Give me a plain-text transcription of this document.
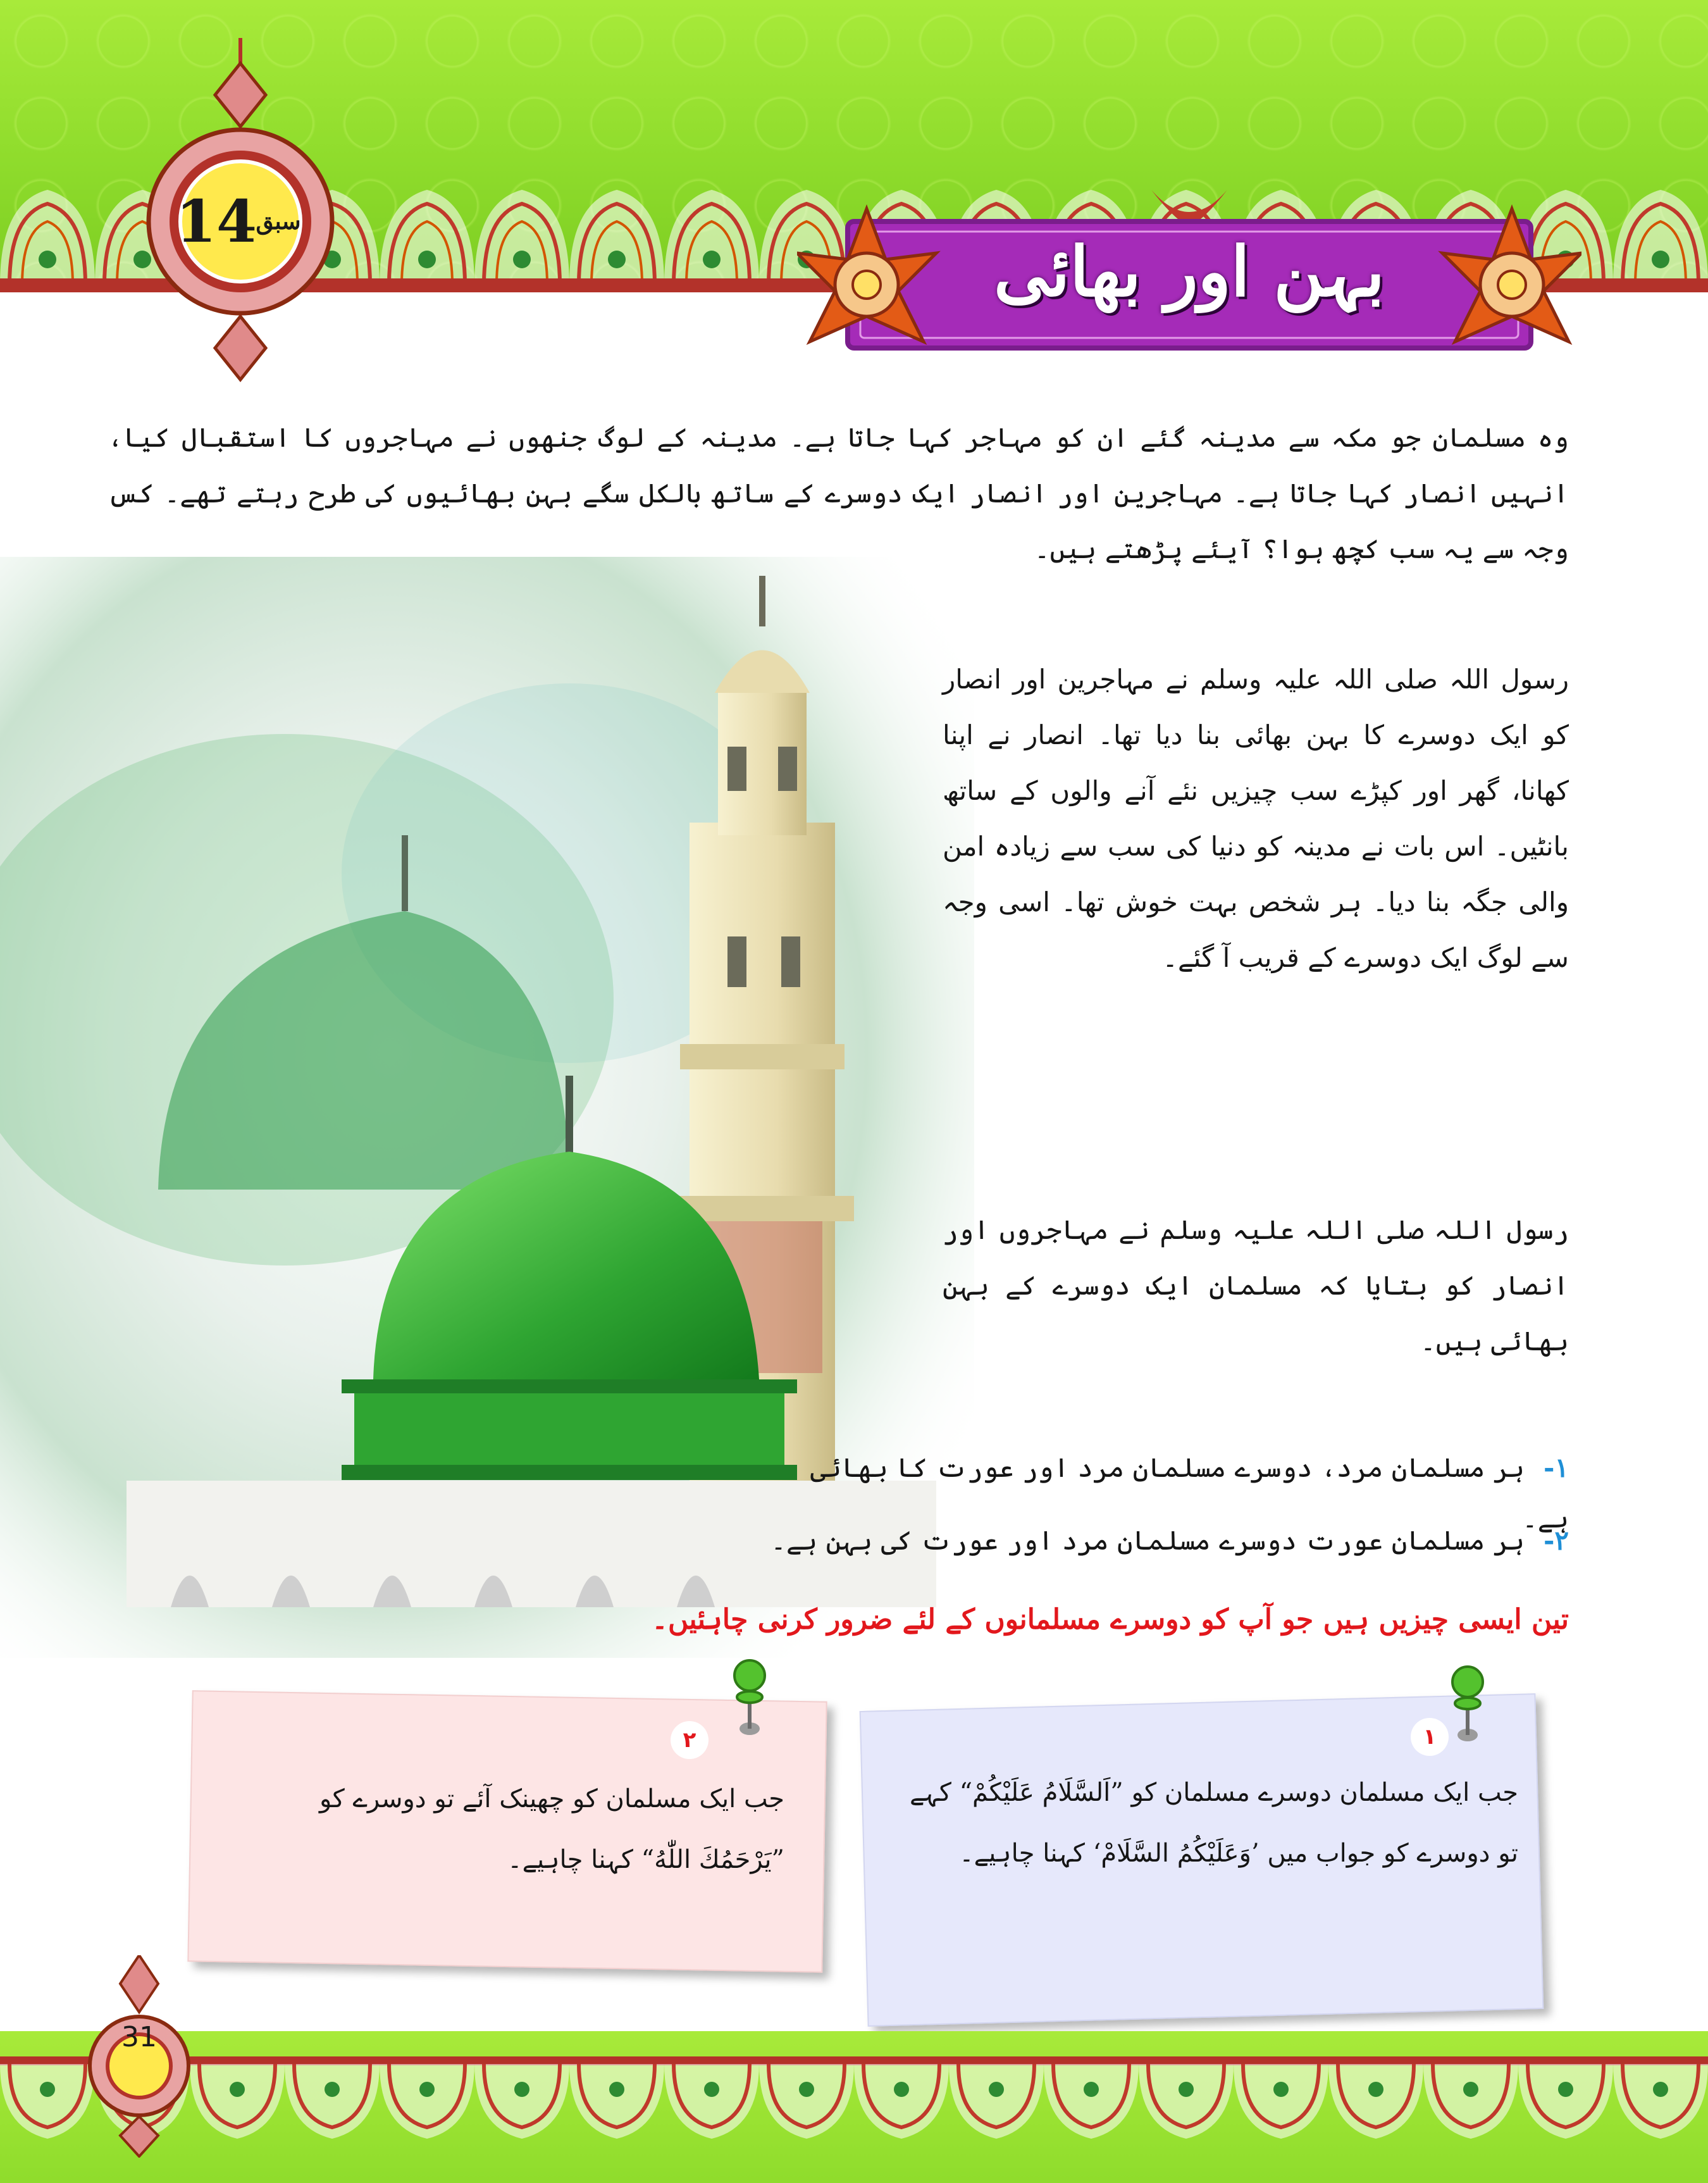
بہن اور بھائی
14
سبق
وہ مسلمان جو مکہ سے مدینہ گئے ان کو مہاجر کہا جاتا ہے۔ مدینہ کے لوگ جنھوں نے مہاجروں کا استقبال کیا، انہیں انصار کہا جاتا ہے۔ مہاجرین اور انصار ایک دوسرے کے ساتھ بالکل سگے بہن بھائیوں کی طرح رہتے تھے۔ کس وجہ سے یہ سب کچھ ہوا؟ آیئے پڑھتے ہیں۔
رسول اللہ صلی اللہ علیہ وسلم نے مہاجرین اور انصار کو ایک دوسرے کا بہن بھائی بنا دیا تھا۔ انصار نے اپنا کھانا، گھر اور کپڑے سب چیزیں نئے آنے والوں کے ساتھ بانٹیں۔ اس بات نے مدینہ کو دنیا کی سب سے زیادہ امن والی جگہ بنا دیا۔ ہر شخص بہت خوش تھا۔ اسی وجہ سے لوگ ایک دوسرے کے قریب آ گئے۔
رسول اللہ صلی اللہ علیہ وسلم نے مہاجروں اور انصار کو بتایا کہ مسلمان ایک دوسرے کے بہن بھائی ہیں۔
۱-ہر مسلمان مرد، دوسرے مسلمان مرد اور عورت کا بھائی ہے۔
۲-ہر مسلمان عورت دوسرے مسلمان مرد اور عورت کی بہن ہے۔
تین ایسی چیزیں ہیں جو آپ کو دوسرے مسلمانوں کے لئے ضرور کرنی چاہئیں۔
۱
۲
جب ایک مسلمان دوسرے مسلمان کو ”اَلسَّلَامُ عَلَیْکُمْ“ کہے تو دوسرے کو جواب میں ’وَعَلَیْکُمُ السَّلَامْ‘ کہنا چاہیے۔
جب ایک مسلمان کو چھینک آئے تو دوسرے کو ”یَرْحَمُكَ اللّٰهُ“ کہنا چاہیے۔
31
